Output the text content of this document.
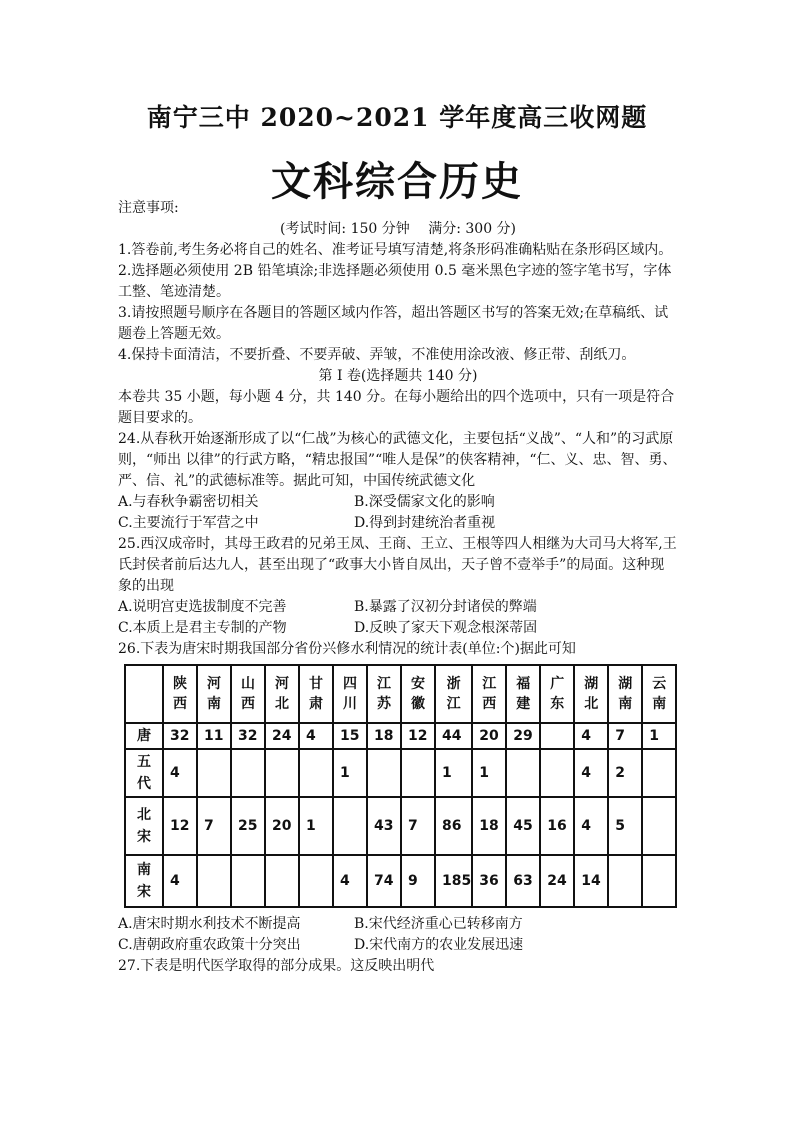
南宁三中 2020~2021 学年度高三收网题
文科综合历史

注意事项:

(考试时间: 150 分钟　 满分: 300 分)

1.答卷前,考生务必将自己的姓名、准考证号填写清楚,将条形码准确粘贴在条形码区域内。

2.选择题必须使用 2B 铅笔填涂;非选择题必须使用 0.5 毫米黑色字迹的签字笔书写，字体工整、笔迹清楚。

3.请按照题号顺序在各题目的答题区域内作答，超出答题区书写的答案无效;在草稿纸、试题卷上答题无效。

4.保持卡面清洁，不要折叠、不要弄破、弄皱，不准使用涂改液、修正带、刮纸刀。

第 I 卷(选择题共 140 分)

本卷共 35 小题，每小题 4 分，共 140 分。在每小题给出的四个选项中，只有一项是符合题目要求的。

24.从春秋开始逐渐形成了以“仁战”为核心的武德文化，主要包括“义战”、“人和”的习武原则，“师出 以律”的行武方略，“精忠报国”“唯人是保”的侠客精神，“仁、义、忠、智、勇、严、信、礼”的武德标准等。据此可知，中国传统武德文化

A.与春秋争霸密切相关	B.深受儒家文化的影响
C.主要流行于军营之中	D.得到封建统治者重视

25.西汉成帝时，其母王政君的兄弟王凤、王商、王立、王根等四人相继为大司马大将军,王氏封侯者前后达九人，甚至出现了“政事大小皆自凤出，天子曾不壹举手”的局面。这种现象的出现

A.说明宫吏选拔制度不完善	B.暴露了汉初分封诸侯的弊端
C.本质上是君主专制的产物	D.反映了家天下观念根深蒂固

26.下表为唐宋时期我国部分省份兴修水利情况的统计表(单位:个)据此可知

	陕西	河南	山西	河北	甘肃	四川	江苏	安徽	浙江	江西	福建	广东	湖北	湖南	云南
唐	32	11	32	24	4	15	18	12	44	20	29		4	7	1
五代	4					1			1	1			4	2	
北宋	12	7	25	20	1		43	7	86	18	45	16	4	5	
南宋	4					4	74	9	185	36	63	24	14		
A.唐宋时期水利技术不断提高	B.宋代经济重心已转移南方
C.唐朝政府重农政策十分突出	D.宋代南方的农业发展迅速

27.下表是明代医学取得的部分成果。这反映出明代
